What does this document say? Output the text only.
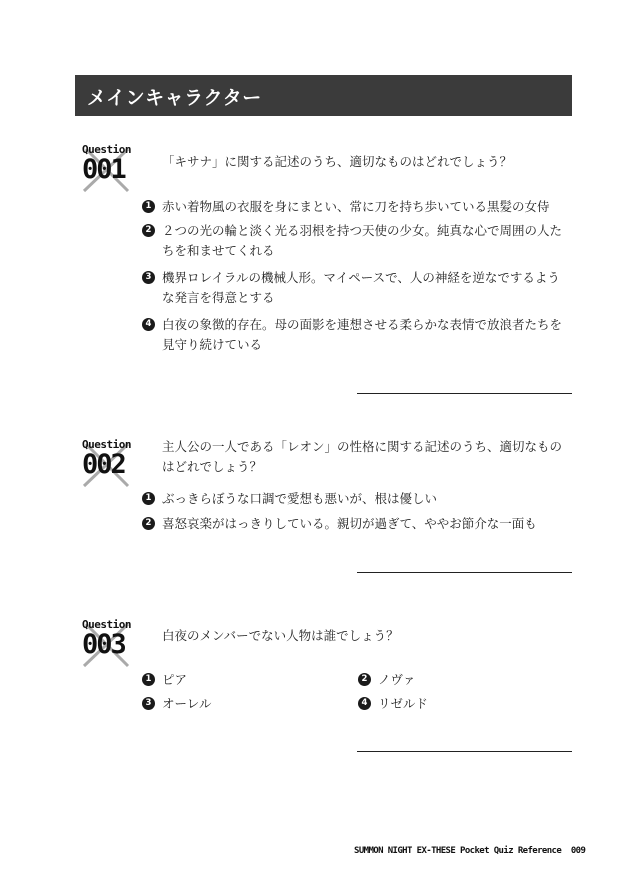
メインキャラクター
Question
001	「キサナ」に関する記述のうち、適切なものはどれでしょう？
1 赤い着物風の衣服を身にまとい、常に刀を持ち歩いている黒髪の女侍
2 ２つの光の輪と淡く光る羽根を持つ天使の少女。純真な心で周囲の人たちを和ませてくれる
3 機界ロレイラルの機械人形。マイペースで、人の神経を逆なでするような発言を得意とする
4 白夜の象徴的存在。母の面影を連想させる柔らかな表情で放浪者たちを見守り続けている
Question
002
主人公の一人である「レオン」の性格に関する記述のうち、適切なものはどれでしょう？
1 ぶっきらぼうな口調で愛想も悪いが、根は優しい
2 喜怒哀楽がはっきりしている。親切が過ぎて、ややお節介な一面も
Question
003	白夜のメンバーでない人物は誰でしょう？
1 ピア	2 ノヴァ
3 オーレル	4 リゼルド
SUMMON NIGHT EX-THESE Pocket Quiz Reference 009
